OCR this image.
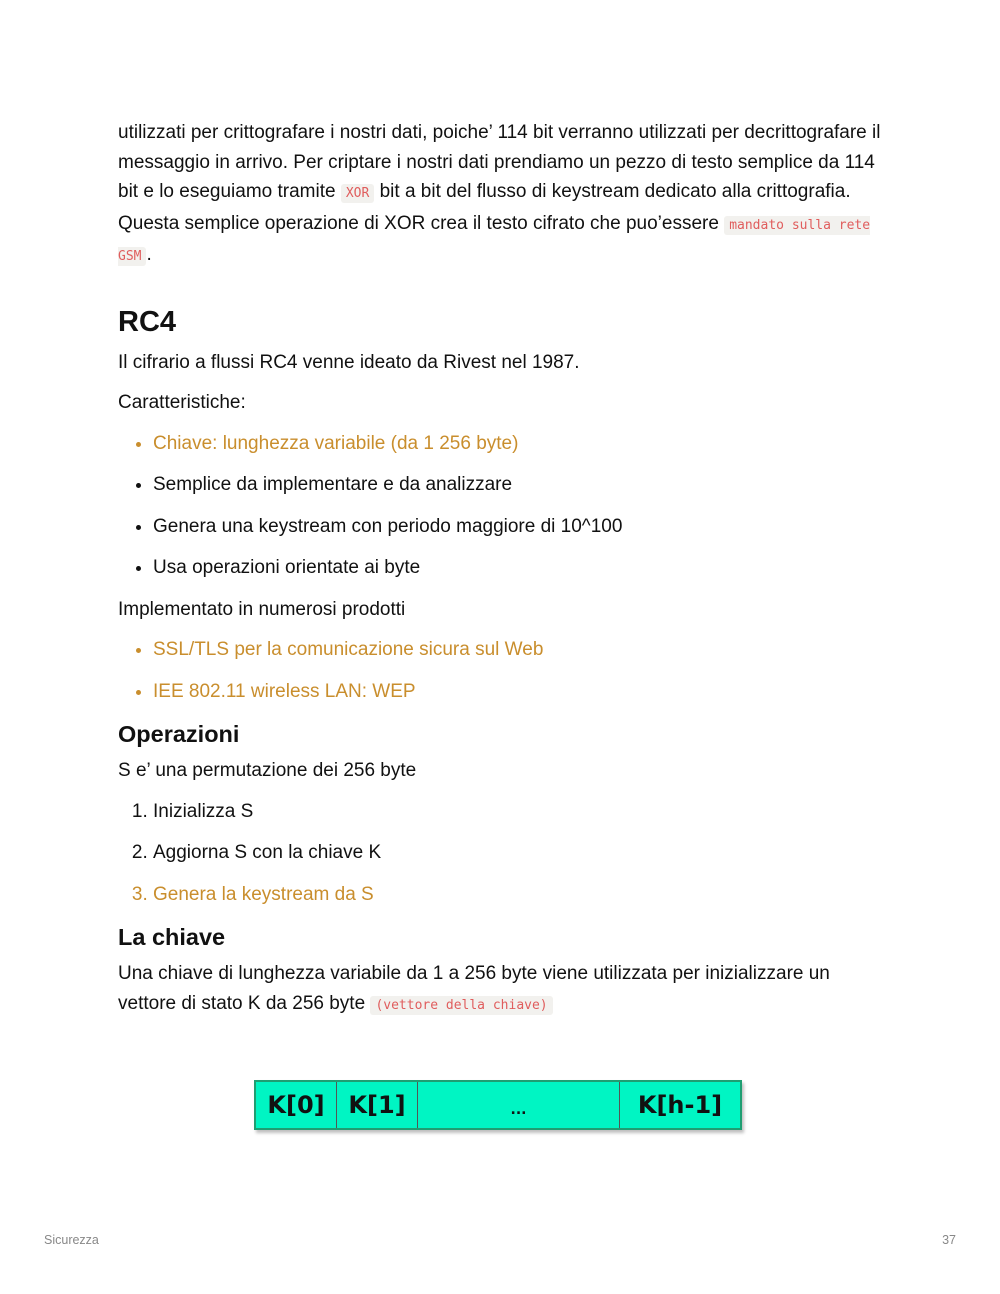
utilizzati per crittografare i nostri dati, poiche’ 114 bit verranno utilizzati per decrittografare il messaggio in arrivo. Per criptare i nostri dati prendiamo un pezzo di testo semplice da 114 bit e lo eseguiamo tramite XOR bit a bit del flusso di keystream dedicato alla crittografia. Questa semplice operazione di XOR crea il testo cifrato che puo’essere mandato sulla rete GSM .

RC4

Il cifrario a flussi RC4 venne ideato da Rivest nel 1987.

Caratteristiche:

• Chiave: lunghezza variabile (da 1 256 byte)
• Semplice da implementare e da analizzare
• Genera una keystream con periodo maggiore di 10^100
• Usa operazioni orientate ai byte

Implementato in numerosi prodotti

• SSL/TLS per la comunicazione sicura sul Web
• IEE 802.11 wireless LAN: WEP
Operazioni

S e’ una permutazione dei 256 byte

1. Inizializza S
2. Aggiorna S con la chiave K
3. Genera la keystream da S
La chiave

Una chiave di lunghezza variabile da 1 a 256 byte viene utilizzata per inizializzare un vettore di stato K da 256 byte (vettore della chiave)

K[0] K[1]	...	K[h-1]
Sicurezza	37
